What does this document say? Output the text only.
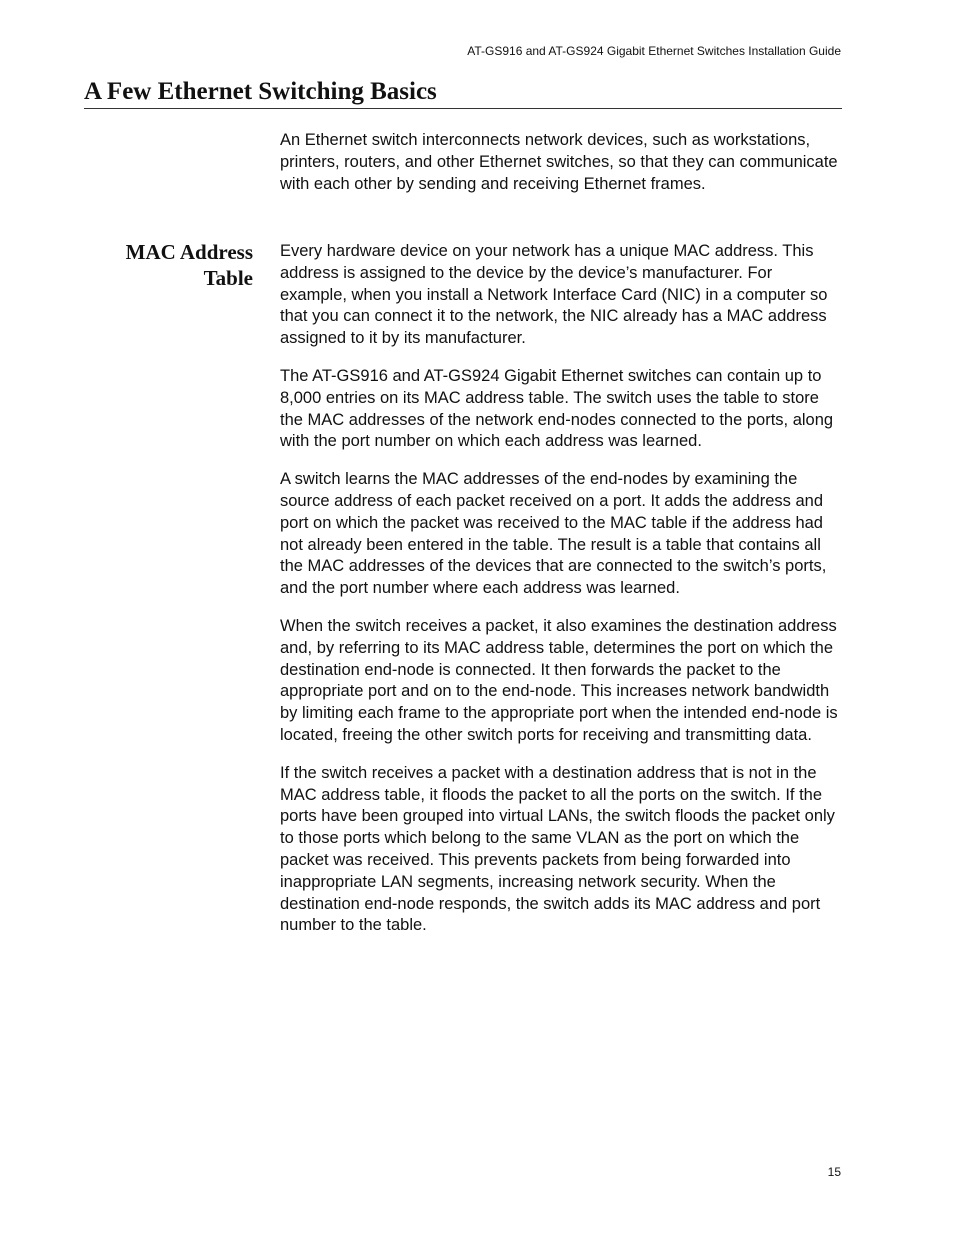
AT-GS916 and AT-GS924 Gigabit Ethernet Switches Installation Guide
A Few Ethernet Switching Basics

An Ethernet switch interconnects network devices, such as workstations, printers, routers, and other Ethernet switches, so that they can communicate with each other by sending and receiving Ethernet frames.

MAC Address
Table

Every hardware device on your network has a unique MAC address. This address is assigned to the device by the device’s manufacturer. For example, when you install a Network Interface Card (NIC) in a computer so that you can connect it to the network, the NIC already has a MAC address assigned to it by its manufacturer.

The AT-GS916 and AT-GS924 Gigabit Ethernet switches can contain up to 8,000 entries on its MAC address table. The switch uses the table to store the MAC addresses of the network end-nodes connected to the ports, along with the port number on which each address was learned.

A switch learns the MAC addresses of the end-nodes by examining the source address of each packet received on a port. It adds the address and port on which the packet was received to the MAC table if the address had not already been entered in the table. The result is a table that contains all the MAC addresses of the devices that are connected to the switch’s ports, and the port number where each address was learned.

When the switch receives a packet, it also examines the destination address and, by referring to its MAC address table, determines the port on which the destination end-node is connected. It then forwards the packet to the appropriate port and on to the end-node. This increases network bandwidth by limiting each frame to the appropriate port when the intended end-node is located, freeing the other switch ports for receiving and transmitting data.

If the switch receives a packet with a destination address that is not in the MAC address table, it floods the packet to all the ports on the switch. If the ports have been grouped into virtual LANs, the switch floods the packet only to those ports which belong to the same VLAN as the port on which the packet was received. This prevents packets from being forwarded into inappropriate LAN segments, increasing network security. When the destination end-node responds, the switch adds its MAC address and port number to the table.

15
